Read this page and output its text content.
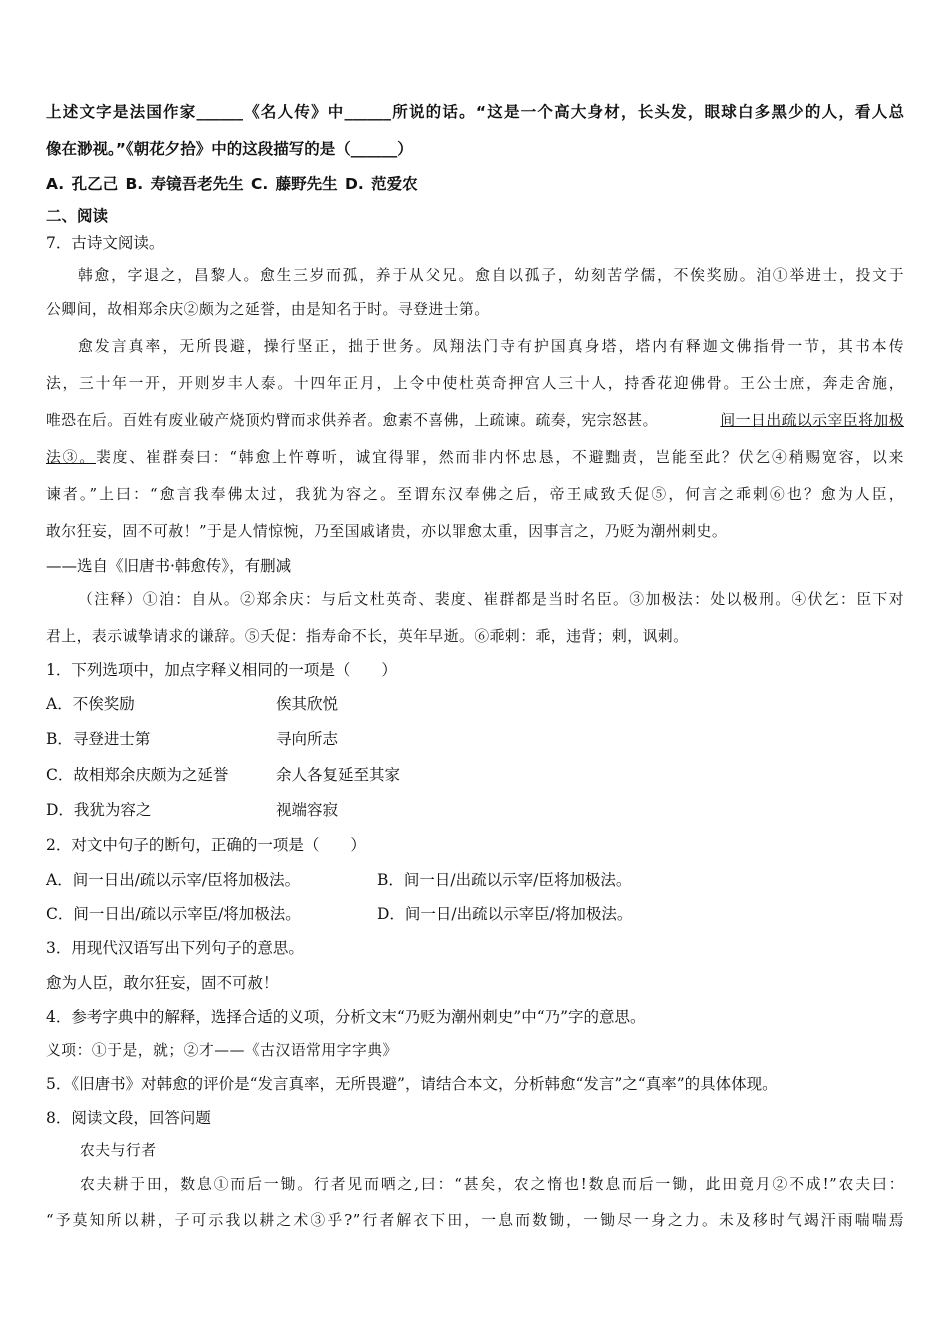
上述文字是法国作家______《名人传》中______所说的话。“这是一个高大身材，长头发，眼球白多黑少的人，看人总
像在渺视。”《朝花夕拾》中的这段描写的是（______）
A. 孔乙己 B. 寿镜吾老先生 C. 藤野先生 D. 范爱农
二、阅读
7．古诗文阅读。
韩愈，字退之，昌黎人。愈生三岁而孤，养于从父兄。愈自以孤子，幼刻苦学儒，不俟奖励。洎①举进士，投文于
公卿间，故相郑余庆②颇为之延誉，由是知名于时。寻登进士第。
愈发言真率，无所畏避，操行坚正，拙于世务。凤翔法门寺有护国真身塔，塔内有释迦文佛指骨一节，其书本传
法，三十年一开，开则岁丰人泰。十四年正月，上令中使杜英奇押宫人三十人，持香花迎佛骨。王公士庶，奔走舍施，
唯恐在后。百姓有废业破产烧顶灼臂而求供养者。愈素不喜佛，上疏谏。疏奏，宪宗怒甚。	间一日出疏以示宰臣将加极
法③。裴度、崔群奏曰：“韩愈上忤尊听，诚宜得罪，然而非内怀忠恳，不避黜责，岂能至此？伏乞④稍赐宽容，以来
谏者。”上曰：“愈言我奉佛太过，我犹为容之。至谓东汉奉佛之后，帝王咸致夭促⑤，何言之乖剌⑥也？愈为人臣，
敢尔狂妄，固不可赦！”于是人情惊惋，乃至国戚诸贵，亦以罪愈太重，因事言之，乃贬为潮州刺史。
——选自《旧唐书·韩愈传》，有删减
（注释）①洎：自从。②郑余庆：与后文杜英奇、裴度、崔群都是当时名臣。③加极法：处以极刑。④伏乞：臣下对
君上，表示诚挚请求的谦辞。⑤夭促：指寿命不长，英年早逝。⑥乖剌：乖，违背；剌，讽刺。
1．下列选项中，加点字释义相同的一项是（　　）
A．不俟奖励	俟其欣悦
B．寻登进士第	寻向所志
C．故相郑余庆颇为之延誉	余人各复延至其家
D．我犹为容之	视端容寂
2．对文中句子的断句，正确的一项是（　　）
A．间一日出/疏以示宰/臣将加极法。	B．间一日/出疏以示宰/臣将加极法。
C．间一日出/疏以示宰臣/将加极法。	D．间一日/出疏以示宰臣/将加极法。
3．用现代汉语写出下列句子的意思。
愈为人臣，敢尔狂妄，固不可赦！
4．参考字典中的解释，选择合适的义项，分析文末“乃贬为潮州刺史”中“乃”字的意思。
义项：①于是，就；②才——《古汉语常用字字典》
5．《旧唐书》对韩愈的评价是“发言真率，无所畏避”，请结合本文，分析韩愈“发言”之“真率”的具体体现。
8．阅读文段，回答问题
农夫与行者
农夫耕于田，数息①而后一锄。行者见而哂之,曰：“甚矣，农之惰也!数息而后一锄，此田竟月②不成!”农夫曰：
“予莫知所以耕，子可示我以耕之术③乎?”行者解衣下田，一息而数锄，一锄尽一身之力。未及移时气竭汗雨喘喘焉
